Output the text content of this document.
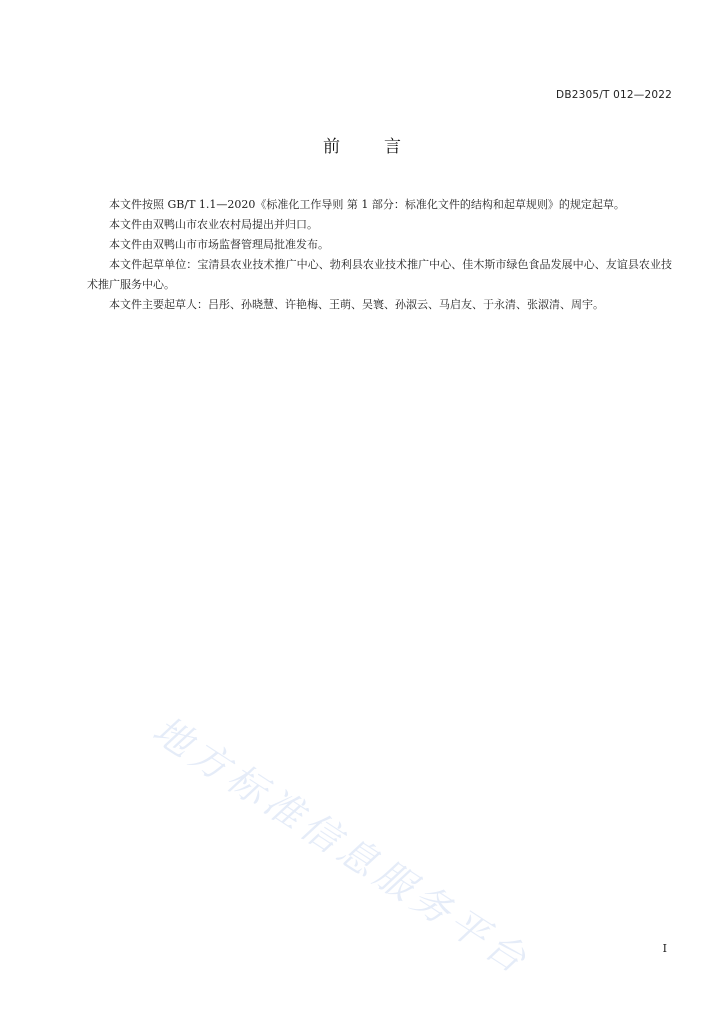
DB2305/T 012—2022
前	言

本文件按照 GB/T 1.1—2020《标准化工作导则 第 1 部分：标准化文件的结构和起草规则》的规定起草。

本文件由双鸭山市农业农村局提出并归口。

本文件由双鸭山市市场监督管理局批准发布。

本文件起草单位：宝清县农业技术推广中心、勃利县农业技术推广中心、佳木斯市绿色食品发展中心、友谊县农业技术推广服务中心。

本文件主要起草人：吕彤、孙晓慧、许艳梅、王萌、吴寰、孙淑云、马启友、于永清、张淑清、周宇。

地方标准信息服务平台	I
